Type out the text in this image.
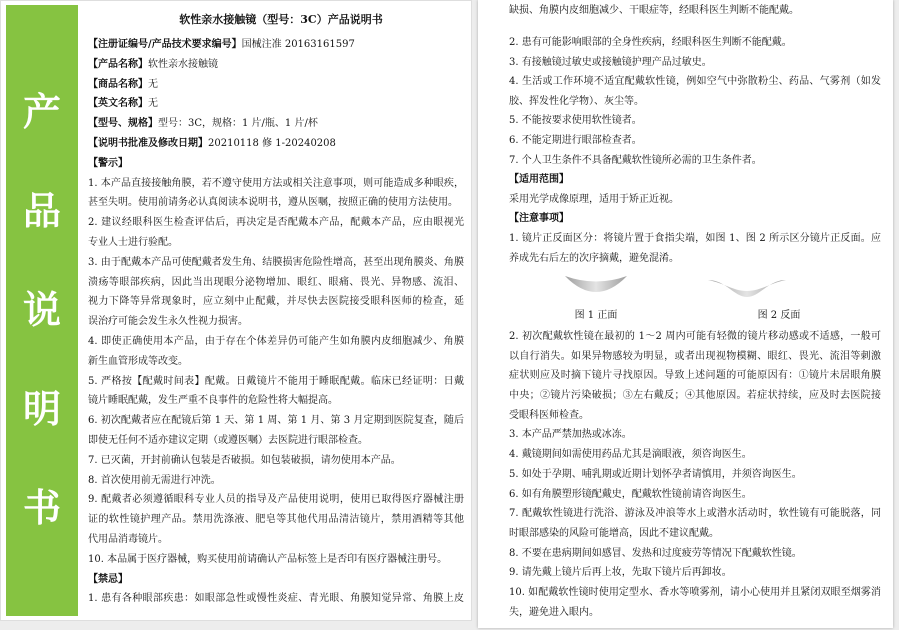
产
品
说
明
书
软性亲水接触镜（型号：3C）产品说明书
【注册证编号/产品技术要求编号】国械注准 20163161597
【产品名称】软性亲水接触镜
【商品名称】无
【英文名称】无
【型号、规格】型号：3C，规格：1 片/瓶、1 片/杯
【说明书批准及修改日期】20210118 修 1-20240208
【警示】
1. 本产品直接接触角膜，若不遵守使用方法或相关注意事项，则可能造成多种眼疾，
甚至失明。使用前请务必认真阅读本说明书，遵从医嘱，按照正确的使用方法使用。
2. 建议经眼科医生检查评估后，再决定是否配戴本产品，配戴本产品，应由眼视光
专业人士进行验配。
3. 由于配戴本产品可使配戴者发生角、结膜损害危险性增高，甚至出现角膜炎、角膜
溃疡等眼部疾病，因此当出现眼分泌物增加、眼红、眼痛、畏光、异物感、流泪、
视力下降等异常现象时，应立刻中止配戴，并尽快去医院接受眼科医师的检查，延
误治疗可能会发生永久性视力损害。
4. 即使正确使用本产品，由于存在个体差异仍可能产生如角膜内皮细胞减少、角膜
新生血管形成等改变。
5. 严格按【配戴时间表】配戴。日戴镜片不能用于睡眠配戴。临床已经证明：日戴
镜片睡眠配戴，发生严重不良事件的危险性将大幅提高。
6. 初次配戴者应在配镜后第 1 天、第 1 周、第 1 月、第 3 月定期到医院复查，随后
即使无任何不适亦建议定期（或遵医嘱）去医院进行眼部检查。
7. 已灭菌，开封前确认包装是否破损。如包装破损，请勿使用本产品。
8. 首次使用前无需进行冲洗。
9. 配戴者必须遵循眼科专业人员的指导及产品使用说明，使用已取得医疗器械注册
证的软性镜护理产品。禁用洗涤液、肥皂等其他代用品清洁镜片，禁用酒精等其他
代用品消毒镜片。
10. 本品属于医疗器械，购买使用前请确认产品标签上是否印有医疗器械注册号。
【禁忌】
1. 患有各种眼部疾患：如眼部急性或慢性炎症、青光眼、角膜知觉异常、角膜上皮
缺损、角膜内皮细胞减少、干眼症等，经眼科医生判断不能配戴。
2. 患有可能影响眼部的全身性疾病，经眼科医生判断不能配戴。
3. 有接触镜过敏史或接触镜护理产品过敏史。
4. 生活或工作环境不适宜配戴软性镜，例如空气中弥散粉尘、药品、气雾剂（如发
胶、挥发性化学物）、灰尘等。
5. 不能按要求使用软性镜者。
6. 不能定期进行眼部检查者。
7. 个人卫生条件不具备配戴软性镜所必需的卫生条件者。
【适用范围】
采用光学成像原理，适用于矫正近视。
【注意事项】
1. 镜片正反面区分：将镜片置于食指尖端，如图 1、图 2 所示区分镜片正反面。应
养成先右后左的次序摘戴，避免混淆。
图 1 正面	图 2 反面
2. 初次配戴软性镜在最初的 1～2 周内可能有轻微的镜片移动感或不适感，一般可
以自行消失。如果异物感较为明显，或者出现视物模糊、眼红、畏光、流泪等刺激
症状则应及时摘下镜片寻找原因。导致上述问题的可能原因有：①镜片未居眼角膜
中央；②镜片污染破损；③左右戴反；④其他原因。若症状持续，应及时去医院接
受眼科医师检查。
3. 本产品严禁加热或冰冻。
4. 戴镜期间如需使用药品尤其是滴眼液，须咨询医生。
5. 如处于孕期、哺乳期或近期计划怀孕者请慎用，并须咨询医生。
6. 如有角膜塑形镜配戴史，配戴软性镜前请咨询医生。
7. 配戴软性镜进行洗浴、游泳及冲浪等水上或潜水活动时，软性镜有可能脱落，同
时眼部感染的风险可能增高，因此不建议配戴。
8. 不要在患病期间如感冒、发热和过度疲劳等情况下配戴软性镜。
9. 请先戴上镜片后再上妆，先取下镜片后再卸妆。
10. 如配戴软性镜时使用定型水、香水等喷雾剂，请小心使用并且紧闭双眼至烟雾消
失，避免进入眼内。
